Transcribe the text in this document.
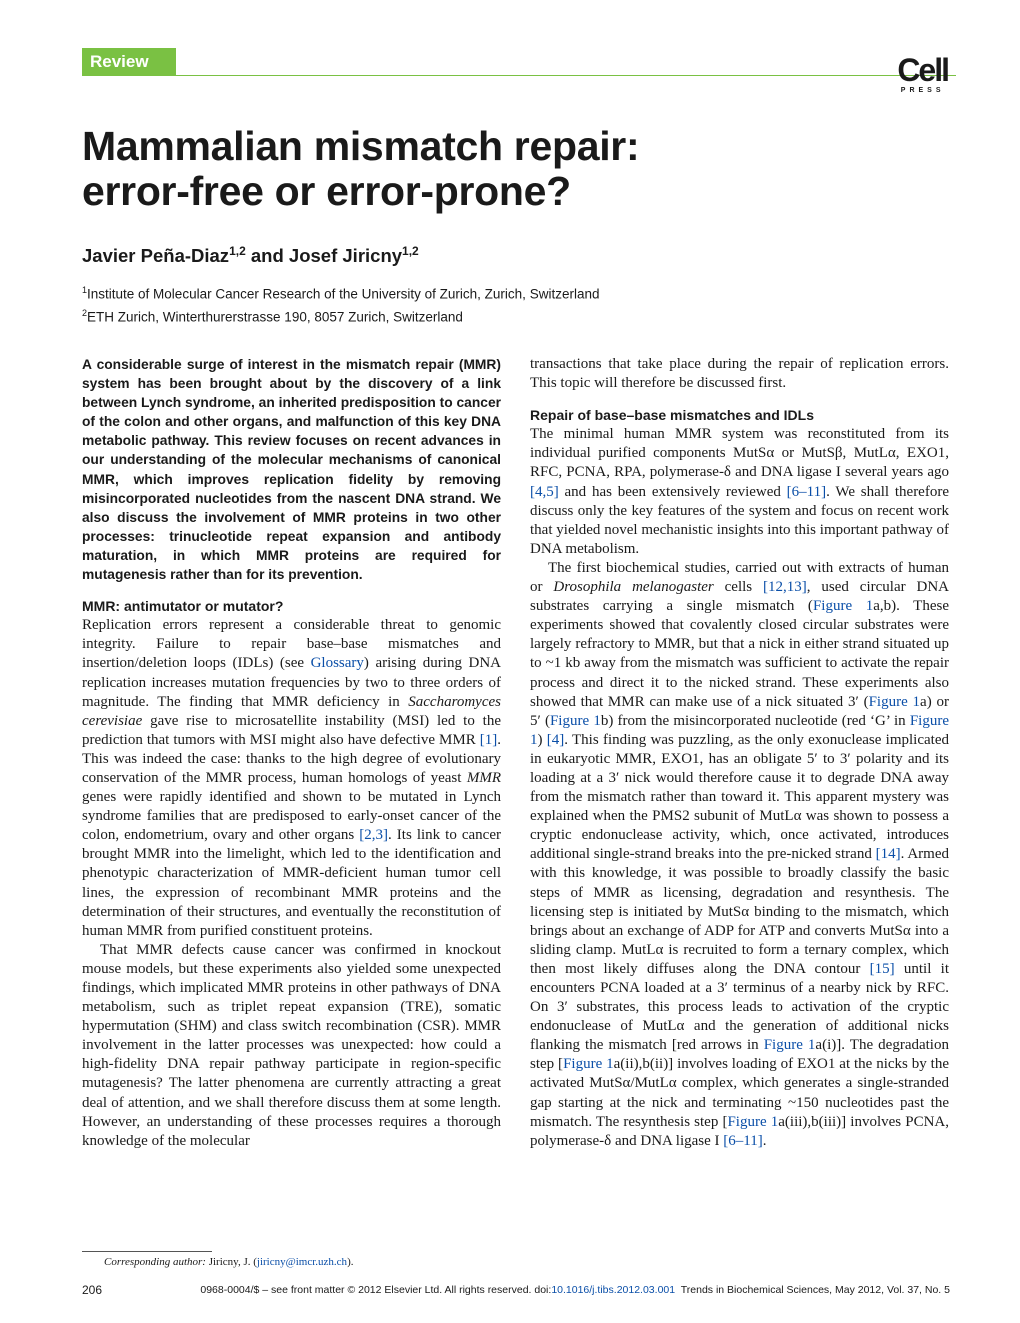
Review	Cell
PRESS
Mammalian mismatch repair:
error-free or error-prone?
Javier Peña-Diaz$^{1,2}$ and Josef Jiricny$^{1,2}$
$^1$Institute of Molecular Cancer Research of the University of Zurich, Zurich, Switzerland
$^2$ETH Zurich, Winterthurerstrasse 190, 8057 Zurich, Switzerland

A considerable surge of interest in the mismatch repair (MMR) system has been brought about by the discovery of a link between Lynch syndrome, an inherited predisposition to cancer of the colon and other organs, and malfunction of this key DNA metabolic pathway. This review focuses on recent advances in our understanding of the molecular mechanisms of canonical MMR, which improves replication fidelity by removing misincorporated nucleotides from the nascent DNA strand. We also discuss the involvement of MMR proteins in two other processes: trinucleotide repeat expansion and antibody maturation, in which MMR proteins are required for mutagenesis rather than for its prevention.

MMR: antimutator or mutator?

Replication errors represent a considerable threat to genomic integrity. Failure to repair base–base mismatches and insertion/deletion loops (IDLs) (see Glossary) arising during DNA replication increases mutation frequencies by two to three orders of magnitude. The finding that MMR deficiency in Saccharomyces cerevisiae gave rise to microsatellite instability (MSI) led to the prediction that tumors with MSI might also have defective MMR [1]. This was indeed the case: thanks to the high degree of evolutionary conservation of the MMR process, human homologs of yeast MMR genes were rapidly identified and shown to be mutated in Lynch syndrome families that are predisposed to early-onset cancer of the colon, endometrium, ovary and other organs [2,3]. Its link to cancer brought MMR into the limelight, which led to the identification and phenotypic characterization of MMR-deficient human tumor cell lines, the expression of recombinant MMR proteins and the determination of their structures, and eventually the reconstitution of human MMR from purified constituent proteins.

That MMR defects cause cancer was confirmed in knockout mouse models, but these experiments also yielded some unexpected findings, which implicated MMR proteins in other pathways of DNA metabolism, such as triplet repeat expansion (TRE), somatic hypermutation (SHM) and class switch recombination (CSR). MMR involvement in the latter processes was unexpected: how could a high-fidelity DNA repair pathway participate in region-specific mutagenesis? The latter phenomena are currently attracting a great deal of attention, and we shall therefore discuss them at some length. However, an understanding of these processes requires a thorough knowledge of the molecular

transactions that take place during the repair of replication errors. This topic will therefore be discussed first.

Repair of base–base mismatches and IDLs

The minimal human MMR system was reconstituted from its individual purified components MutSα or MutSβ, MutLα, EXO1, RFC, PCNA, RPA, polymerase-δ and DNA ligase I several years ago [4,5] and has been extensively reviewed [6–11]. We shall therefore discuss only the key features of the system and focus on recent work that yielded novel mechanistic insights into this important pathway of DNA metabolism.

The first biochemical studies, carried out with extracts of human or Drosophila melanogaster cells [12,13], used circular DNA substrates carrying a single mismatch (Figure 1a,b). These experiments showed that covalently closed circular substrates were largely refractory to MMR, but that a nick in either strand situated up to ~1 kb away from the mismatch was sufficient to activate the repair process and direct it to the nicked strand. These experiments also showed that MMR can make use of a nick situated 3′ (Figure 1a) or 5′ (Figure 1b) from the misincorporated nucleotide (red ‘G’ in Figure 1) [4]. This finding was puzzling, as the only exonuclease implicated in eukaryotic MMR, EXO1, has an obligate 5′ to 3′ polarity and its loading at a 3′ nick would therefore cause it to degrade DNA away from the mismatch rather than toward it. This apparent mystery was explained when the PMS2 subunit of MutLα was shown to possess a cryptic endonuclease activity, which, once activated, introduces additional single-strand breaks into the pre-nicked strand [14]. Armed with this knowledge, it was possible to broadly classify the basic steps of MMR as licensing, degradation and resynthesis. The licensing step is initiated by MutSα binding to the mismatch, which brings about an exchange of ADP for ATP and converts MutSα into a sliding clamp. MutLα is recruited to form a ternary complex, which then most likely diffuses along the DNA contour [15] until it encounters PCNA loaded at a 3′ terminus of a nearby nick by RFC. On 3′ substrates, this process leads to activation of the cryptic endonuclease of MutLα and the generation of additional nicks flanking the mismatch [red arrows in Figure 1a(i)]. The degradation step [Figure 1a(ii),b(ii)] involves loading of EXO1 at the nicks by the activated MutSα/MutLα complex, which generates a single-stranded gap starting at the nick and terminating ~150 nucleotides past the mismatch. The resynthesis step [Figure 1a(iii),b(iii)] involves PCNA, polymerase-δ and DNA ligase I [6–11].

Corresponding author: Jiricny, J. (jiricny@imcr.uzh.ch).
206	0968-0004/$ – see front matter © 2012 Elsevier Ltd. All rights reserved. doi:10.1016/j.tibs.2012.03.001  Trends in Biochemical Sciences, May 2012, Vol. 37, No. 5
